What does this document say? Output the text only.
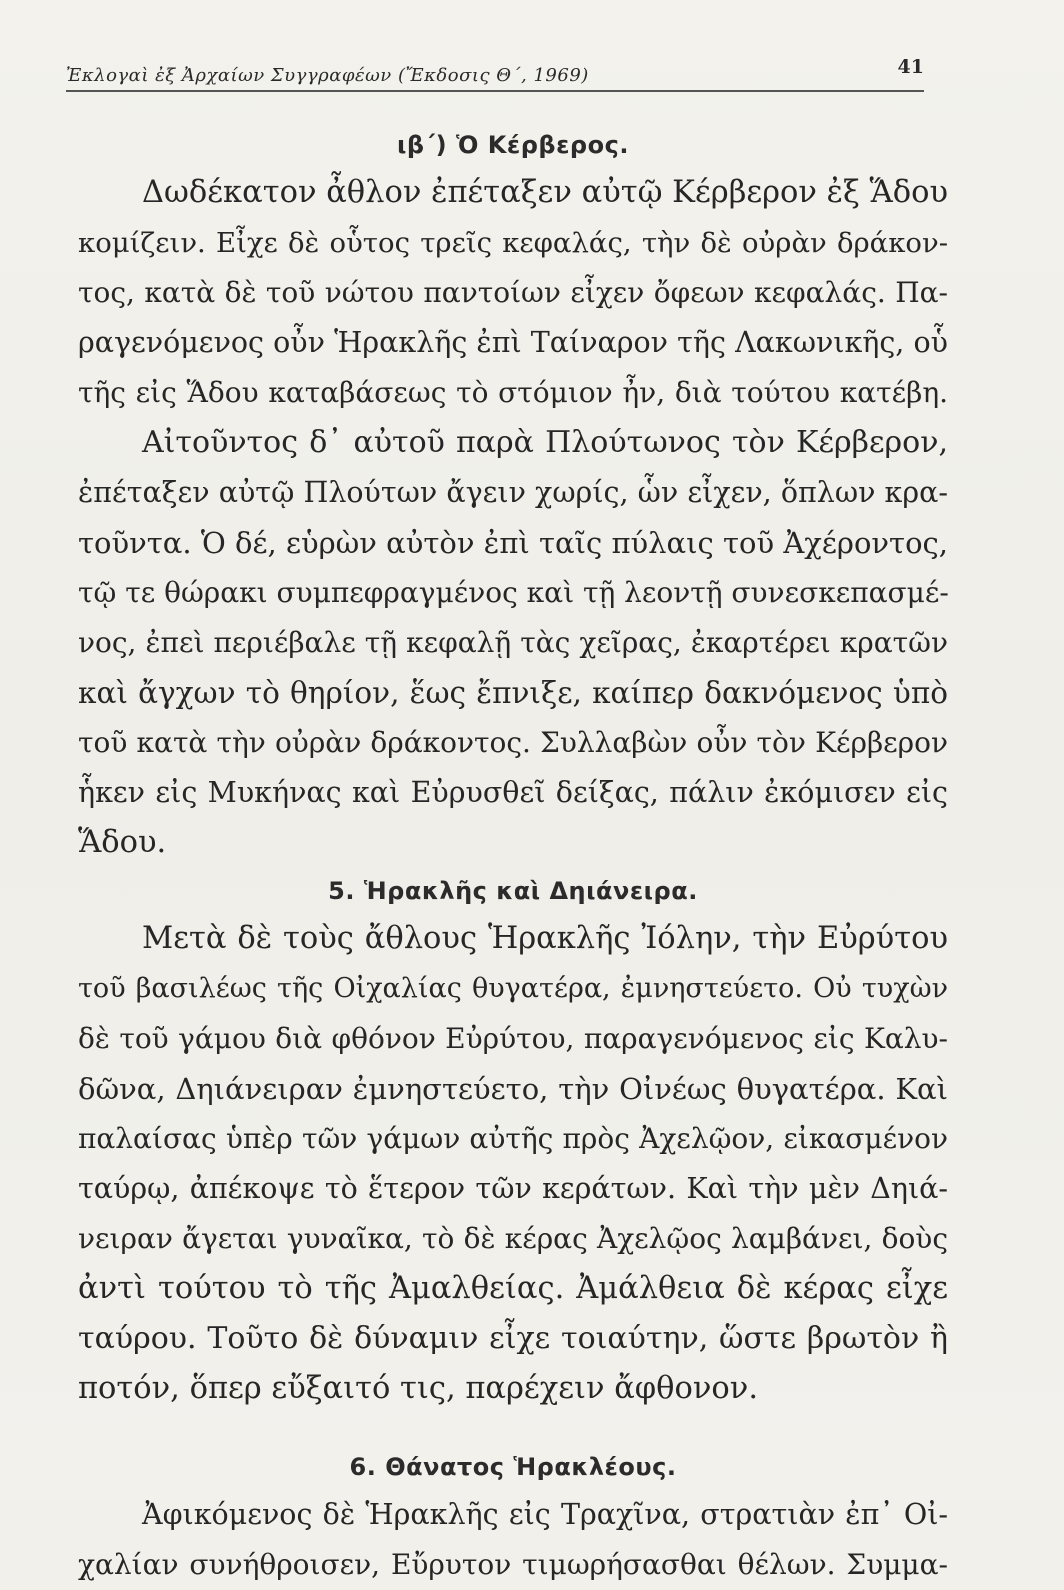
Ἐκλογαὶ ἐξ Ἀρχαίων Συγγραφέων (Ἔκδοσις Θ΄, 1969)	41
ιβ΄) Ὁ Κέρβερος.
Δωδέκατον ἆθλον ἐπέταξεν αὐτῷ Κέρβερον ἐξ Ἅδου
κομίζειν. Εἶχε δὲ οὗτος τρεῖς κεφαλάς, τὴν δὲ οὐρὰν δράκον-
τος, κατὰ δὲ τοῦ νώτου παντοίων εἶχεν ὄφεων κεφαλάς. Πα-
ραγενόμενος οὖν Ἡρακλῆς ἐπὶ Ταίναρον τῆς Λακωνικῆς, οὗ
τῆς εἰς Ἅδου καταβάσεως τὸ στόμιον ἦν, διὰ τούτου κατέβη.
Αἰτοῦντος δ᾽ αὐτοῦ παρὰ Πλούτωνος τὸν Κέρβερον,
ἐπέταξεν αὐτῷ Πλούτων ἄγειν χωρίς, ὧν εἶχεν, ὅπλων κρα-
τοῦντα. Ὁ δέ, εὑρὼν αὐτὸν ἐπὶ ταῖς πύλαις τοῦ Ἀχέροντος,
τῷ τε θώρακι συμπεφραγμένος καὶ τῇ λεοντῇ συνεσκεπασμέ-
νος, ἐπεὶ περιέβαλε τῇ κεφαλῇ τὰς χεῖρας, ἐκαρτέρει κρατῶν
καὶ ἄγχων τὸ θηρίον, ἕως ἔπνιξε, καίπερ δακνόμενος ὑπὸ
τοῦ κατὰ τὴν οὐρὰν δράκοντος. Συλλαβὼν οὖν τὸν Κέρβερον
ἧκεν εἰς Μυκήνας καὶ Εὐρυσθεῖ δείξας, πάλιν ἐκόμισεν εἰς
Ἅδου.
5. Ἡρακλῆς καὶ Δηιάνειρα.
Μετὰ δὲ τοὺς ἄθλους Ἡρακλῆς Ἰόλην, τὴν Εὐρύτου
τοῦ βασιλέως τῆς Οἰχαλίας θυγατέρα, ἐμνηστεύετο. Οὐ τυχὼν
δὲ τοῦ γάμου διὰ φθόνον Εὐρύτου, παραγενόμενος εἰς Καλυ-
δῶνα, Δηιάνειραν ἐμνηστεύετο, τὴν Οἰνέως θυγατέρα. Καὶ
παλαίσας ὑπὲρ τῶν γάμων αὐτῆς πρὸς Ἀχελῷον, εἰκασμένον
ταύρῳ, ἀπέκοψε τὸ ἕτερον τῶν κεράτων. Καὶ τὴν μὲν Δηιά-
νειραν ἄγεται γυναῖκα, τὸ δὲ κέρας Ἀχελῷος λαμβάνει, δοὺς
ἀντὶ τούτου τὸ τῆς Ἀμαλθείας. Ἀμάλθεια δὲ κέρας εἶχε
ταύρου. Τοῦτο δὲ δύναμιν εἶχε τοιαύτην, ὥστε βρωτὸν ἢ
ποτόν, ὅπερ εὔξαιτό τις, παρέχειν ἄφθονον.
6. Θάνατος Ἡρακλέους.
Ἀφικόμενος δὲ Ἡρακλῆς εἰς Τραχῖνα, στρατιὰν ἐπ᾽ Οἰ-
χαλίαν συνήθροισεν, Εὔρυτον τιμωρήσασθαι θέλων. Συμμα-
